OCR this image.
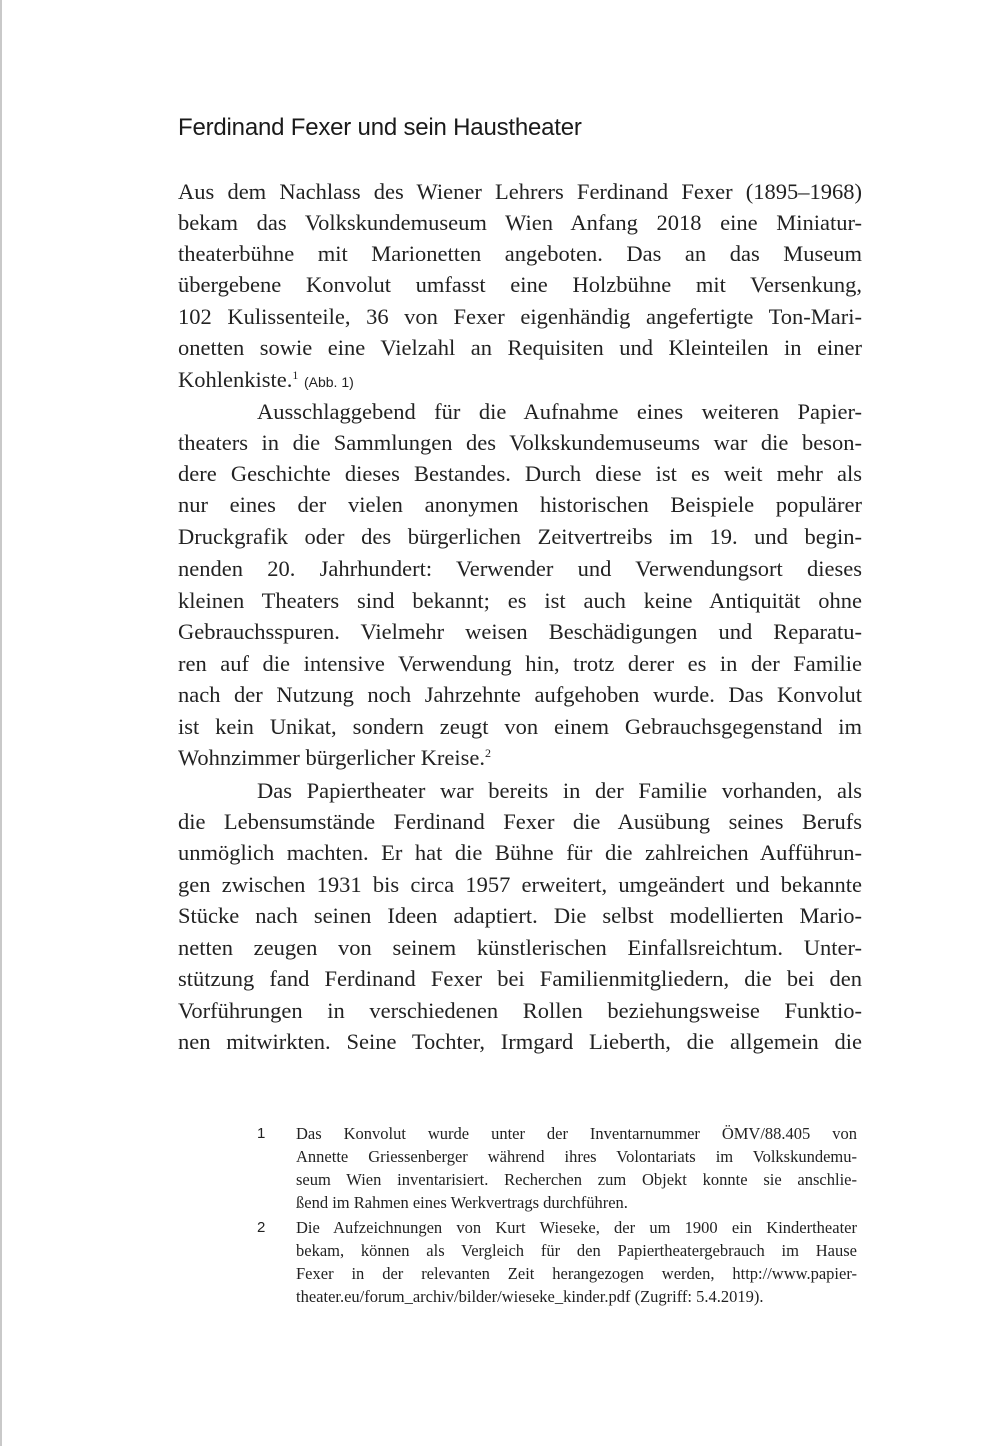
Ferdinand Fexer und sein Haustheater
Aus dem Nachlass des Wiener Lehrers Ferdinand Fexer (1895–1968)
bekam das Volkskundemuseum Wien Anfang 2018 eine Miniatur-
theaterbühne mit Marionetten angeboten. Das an das Museum
übergebene Konvolut umfasst eine Holzbühne mit Versenkung,
102 Kulissenteile, 36 von Fexer eigenhändig angefertigte Ton-Mari-
onetten sowie eine Vielzahl an Requisiten und Kleinteilen in einer
Kohlenkiste.$^1$ (Abb. 1)
Ausschlaggebend für die Aufnahme eines weiteren Papier-
theaters in die Sammlungen des Volkskundemuseums war die beson-
dere Geschichte dieses Bestandes. Durch diese ist es weit mehr als
nur eines der vielen anonymen historischen Beispiele populärer
Druckgrafik oder des bürgerlichen Zeitvertreibs im 19. und begin-
nenden 20. Jahrhundert: Verwender und Verwendungsort dieses
kleinen Theaters sind bekannt; es ist auch keine Antiquität ohne
Gebrauchsspuren. Vielmehr weisen Beschädigungen und Reparatu-
ren auf die intensive Verwendung hin, trotz derer es in der Familie
nach der Nutzung noch Jahrzehnte aufgehoben wurde. Das Konvolut
ist kein Unikat, sondern zeugt von einem Gebrauchsgegenstand im
Wohnzimmer bürgerlicher Kreise.$^2$
Das Papiertheater war bereits in der Familie vorhanden, als
die Lebensumstände Ferdinand Fexer die Ausübung seines Berufs
unmöglich machten. Er hat die Bühne für die zahlreichen Aufführun-
gen zwischen 1931 bis circa 1957 erweitert, umgeändert und bekannte
Stücke nach seinen Ideen adaptiert. Die selbst modellierten Mario-
netten zeugen von seinem künstlerischen Einfallsreichtum. Unter-
stützung fand Ferdinand Fexer bei Familienmitgliedern, die bei den
Vorführungen in verschiedenen Rollen beziehungsweise Funktio-
nen mitwirkten. Seine Tochter, Irmgard Lieberth, die allgemein die
1 Das Konvolut wurde unter der Inventarnummer ÖMV/88.405 von
Annette Griessenberger während ihres Volontariats im Volkskundemu-
seum Wien inventarisiert. Recherchen zum Objekt konnte sie anschlie-
ßend im Rahmen eines Werkvertrags durchführen.
2 Die Aufzeichnungen von Kurt Wieseke, der um 1900 ein Kindertheater
bekam, können als Vergleich für den Papiertheatergebrauch im Hause
Fexer in der relevanten Zeit herangezogen werden, http://www.papier-
theater.eu/forum_archiv/bilder/wieseke_kinder.pdf (Zugriff: 5.4.2019).
